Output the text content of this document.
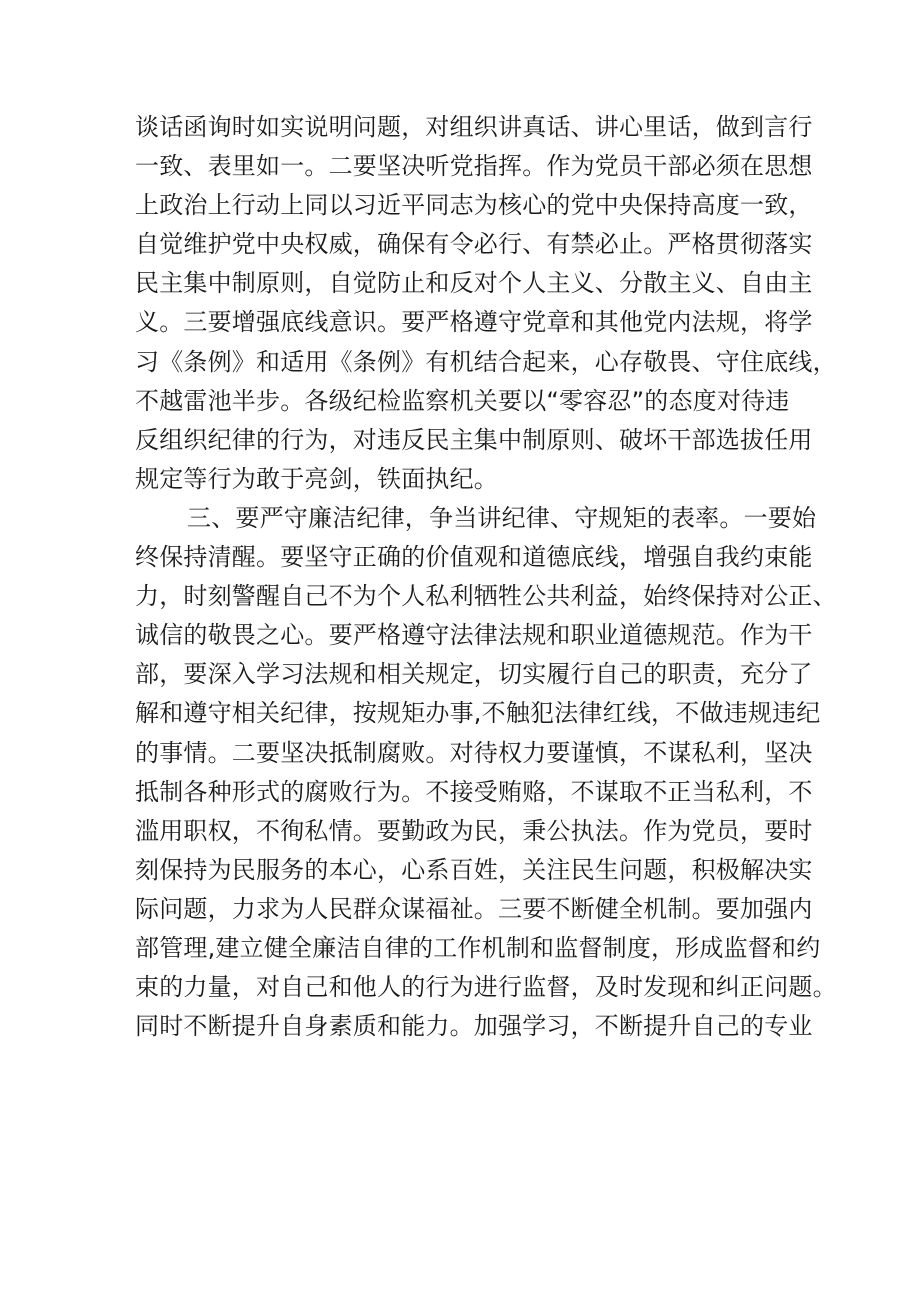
谈话函询时如实说明问题，对组织讲真话、讲心里话，做到言行
一致、表里如一。二要坚决听党指挥。作为党员干部必须在思想
上政治上行动上同以习近平同志为核心的党中央保持高度一致，
自觉维护党中央权威，确保有令必行、有禁必止。严格贯彻落实
民主集中制原则，自觉防止和反对个人主义、分散主义、自由主
义。三要增强底线意识。要严格遵守党章和其他党内法规，将学
习《条例》和适用《条例》有机结合起来，心存敬畏、守住底线，
不越雷池半步。各级纪检监察机关要以“零容忍”的态度对待违
反组织纪律的行为，对违反民主集中制原则、破坏干部选拔任用
规定等行为敢于亮剑，铁面执纪。
三、要严守廉洁纪律，争当讲纪律、守规矩的表率。一要始
终保持清醒。要坚守正确的价值观和道德底线，增强自我约束能
力，时刻警醒自己不为个人私利牺牲公共利益，始终保持对公正、
诚信的敬畏之心。要严格遵守法律法规和职业道德规范。作为干
部，要深入学习法规和相关规定，切实履行自己的职责，充分了
解和遵守相关纪律，按规矩办事,不触犯法律红线，不做违规违纪
的事情。二要坚决抵制腐败。对待权力要谨慎，不谋私利，坚决
抵制各种形式的腐败行为。不接受贿赂，不谋取不正当私利，不
滥用职权，不徇私情。要勤政为民，秉公执法。作为党员，要时
刻保持为民服务的本心，心系百姓，关注民生问题，积极解决实
际问题，力求为人民群众谋福祉。三要不断健全机制。要加强内
部管理,建立健全廉洁自律的工作机制和监督制度，形成监督和约
束的力量，对自己和他人的行为进行监督，及时发现和纠正问题。
同时不断提升自身素质和能力。加强学习，不断提升自己的专业
